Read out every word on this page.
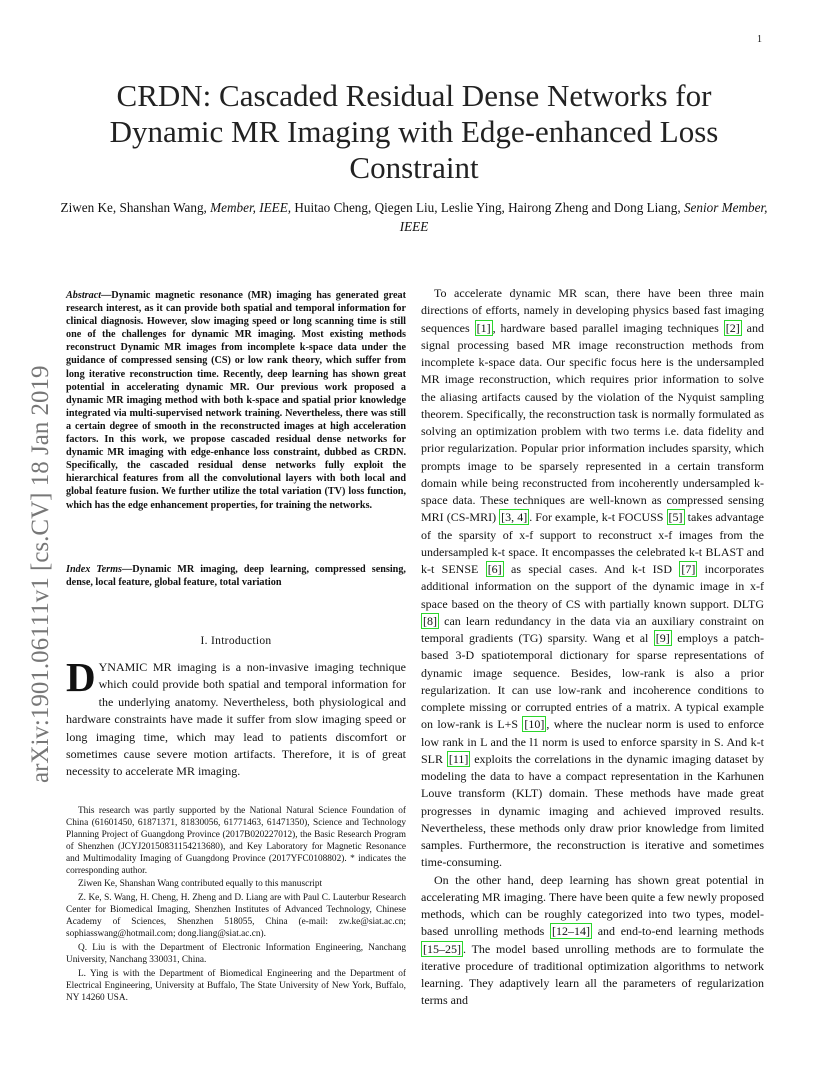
1
arXiv:1901.06111v1 [cs.CV] 18 Jan 2019
CRDN: Cascaded Residual Dense Networks for Dynamic MR Imaging with Edge-enhanced Loss Constraint
Ziwen Ke, Shanshan Wang, Member, IEEE, Huitao Cheng, Qiegen Liu, Leslie Ying, Hairong Zheng and Dong Liang, Senior Member, IEEE
Abstract—Dynamic magnetic resonance (MR) imaging has generated great research interest, as it can provide both spatial and temporal information for clinical diagnosis. However, slow imaging speed or long scanning time is still one of the challenges for dynamic MR imaging. Most existing methods reconstruct Dynamic MR images from incomplete k-space data under the guidance of compressed sensing (CS) or low rank theory, which suffer from long iterative reconstruction time. Recently, deep learning has shown great potential in accelerating dynamic MR. Our previous work proposed a dynamic MR imaging method with both k-space and spatial prior knowledge integrated via multi-supervised network training. Nevertheless, there was still a certain degree of smooth in the reconstructed images at high acceleration factors. In this work, we propose cascaded residual dense networks for dynamic MR imaging with edge-enhance loss constraint, dubbed as CRDN. Specifically, the cascaded residual dense networks fully exploit the hierarchical features from all the convolutional layers with both local and global feature fusion. We further utilize the total variation (TV) loss function, which has the edge enhancement properties, for training the networks.
Index Terms—Dynamic MR imaging, deep learning, compressed sensing, dense, local feature, global feature, total variation
I. Introduction
DYNAMIC MR imaging is a non-invasive imaging technique which could provide both spatial and temporal information for the underlying anatomy. Nevertheless, both physiological and hardware constraints have made it suffer from slow imaging speed or long imaging time, which may lead to patients discomfort or sometimes cause severe motion artifacts. Therefore, it is of great necessity to accelerate MR imaging.

This research was partly supported by the National Natural Science Foundation of China (61601450, 61871371, 81830056, 61771463, 61471350), Science and Technology Planning Project of Guangdong Province (2017B020227012), the Basic Research Program of Shenzhen (JCYJ20150831154213680), and Key Laboratory for Magnetic Resonance and Multimodality Imaging of Guangdong Province (2017YFC0108802). * indicates the corresponding author.

Ziwen Ke, Shanshan Wang contributed equally to this manuscript

Z. Ke, S. Wang, H. Cheng, H. Zheng and D. Liang are with Paul C. Lauterbur Research Center for Biomedical Imaging, Shenzhen Institutes of Advanced Technology, Chinese Academy of Sciences, Shenzhen 518055, China (e-mail: zw.ke@siat.ac.cn; sophiasswang@hotmail.com; dong.liang@siat.ac.cn).

Q. Liu is with the Department of Electronic Information Engineering, Nanchang University, Nanchang 330031, China.

L. Ying is with the Department of Biomedical Engineering and the Department of Electrical Engineering, University at Buffalo, The State University of New York, Buffalo, NY 14260 USA.

To accelerate dynamic MR scan, there have been three main directions of efforts, namely in developing physics based fast imaging sequences [1] , hardware based parallel imaging techniques [2] and signal processing based MR image reconstruction methods from incomplete k-space data. Our specific focus here is the undersampled MR image reconstruction, which requires prior information to solve the aliasing artifacts caused by the violation of the Nyquist sampling theorem. Specifically, the reconstruction task is normally formulated as solving an optimization problem with two terms i.e. data fidelity and prior regularization. Popular prior information includes sparsity, which prompts image to be sparsely represented in a certain transform domain while being reconstructed from incoherently undersampled k-space data. These techniques are well-known as compressed sensing MRI (CS-MRI) [3, 4] . For example, k-t FOCUSS [5] takes advantage of the sparsity of x-f support to reconstruct x-f images from the undersampled k-t space. It encompasses the celebrated k-t BLAST and k-t SENSE [6] as special cases. And k-t ISD [7] incorporates additional information on the support of the dynamic image in x-f space based on the theory of CS with partially known support. DLTG [8] can learn redundancy in the data via an auxiliary constraint on temporal gradients (TG) sparsity. Wang et al [9] employs a patch-based 3-D spatiotemporal dictionary for sparse representations of dynamic image sequence. Besides, low-rank is also a prior regularization. It can use low-rank and incoherence conditions to complete missing or corrupted entries of a matrix. A typical example on low-rank is L+S [10] , where the nuclear norm is used to enforce low rank in L and the l1 norm is used to enforce sparsity in S. And k-t SLR [11] exploits the correlations in the dynamic imaging dataset by modeling the data to have a compact representation in the Karhunen Louve transform (KLT) domain. These methods have made great progresses in dynamic imaging and achieved improved results. Nevertheless, these methods only draw prior knowledge from limited samples. Furthermore, the reconstruction is iterative and sometimes time-consuming.

On the other hand, deep learning has shown great potential in accelerating MR imaging. There have been quite a few newly proposed methods, which can be roughly categorized into two types, model-based unrolling methods [12–14] and end-to-end learning methods [15–25] . The model based unrolling methods are to formulate the iterative procedure of traditional optimization algorithms to network learning. They adaptively learn all the parameters of regularization terms and
